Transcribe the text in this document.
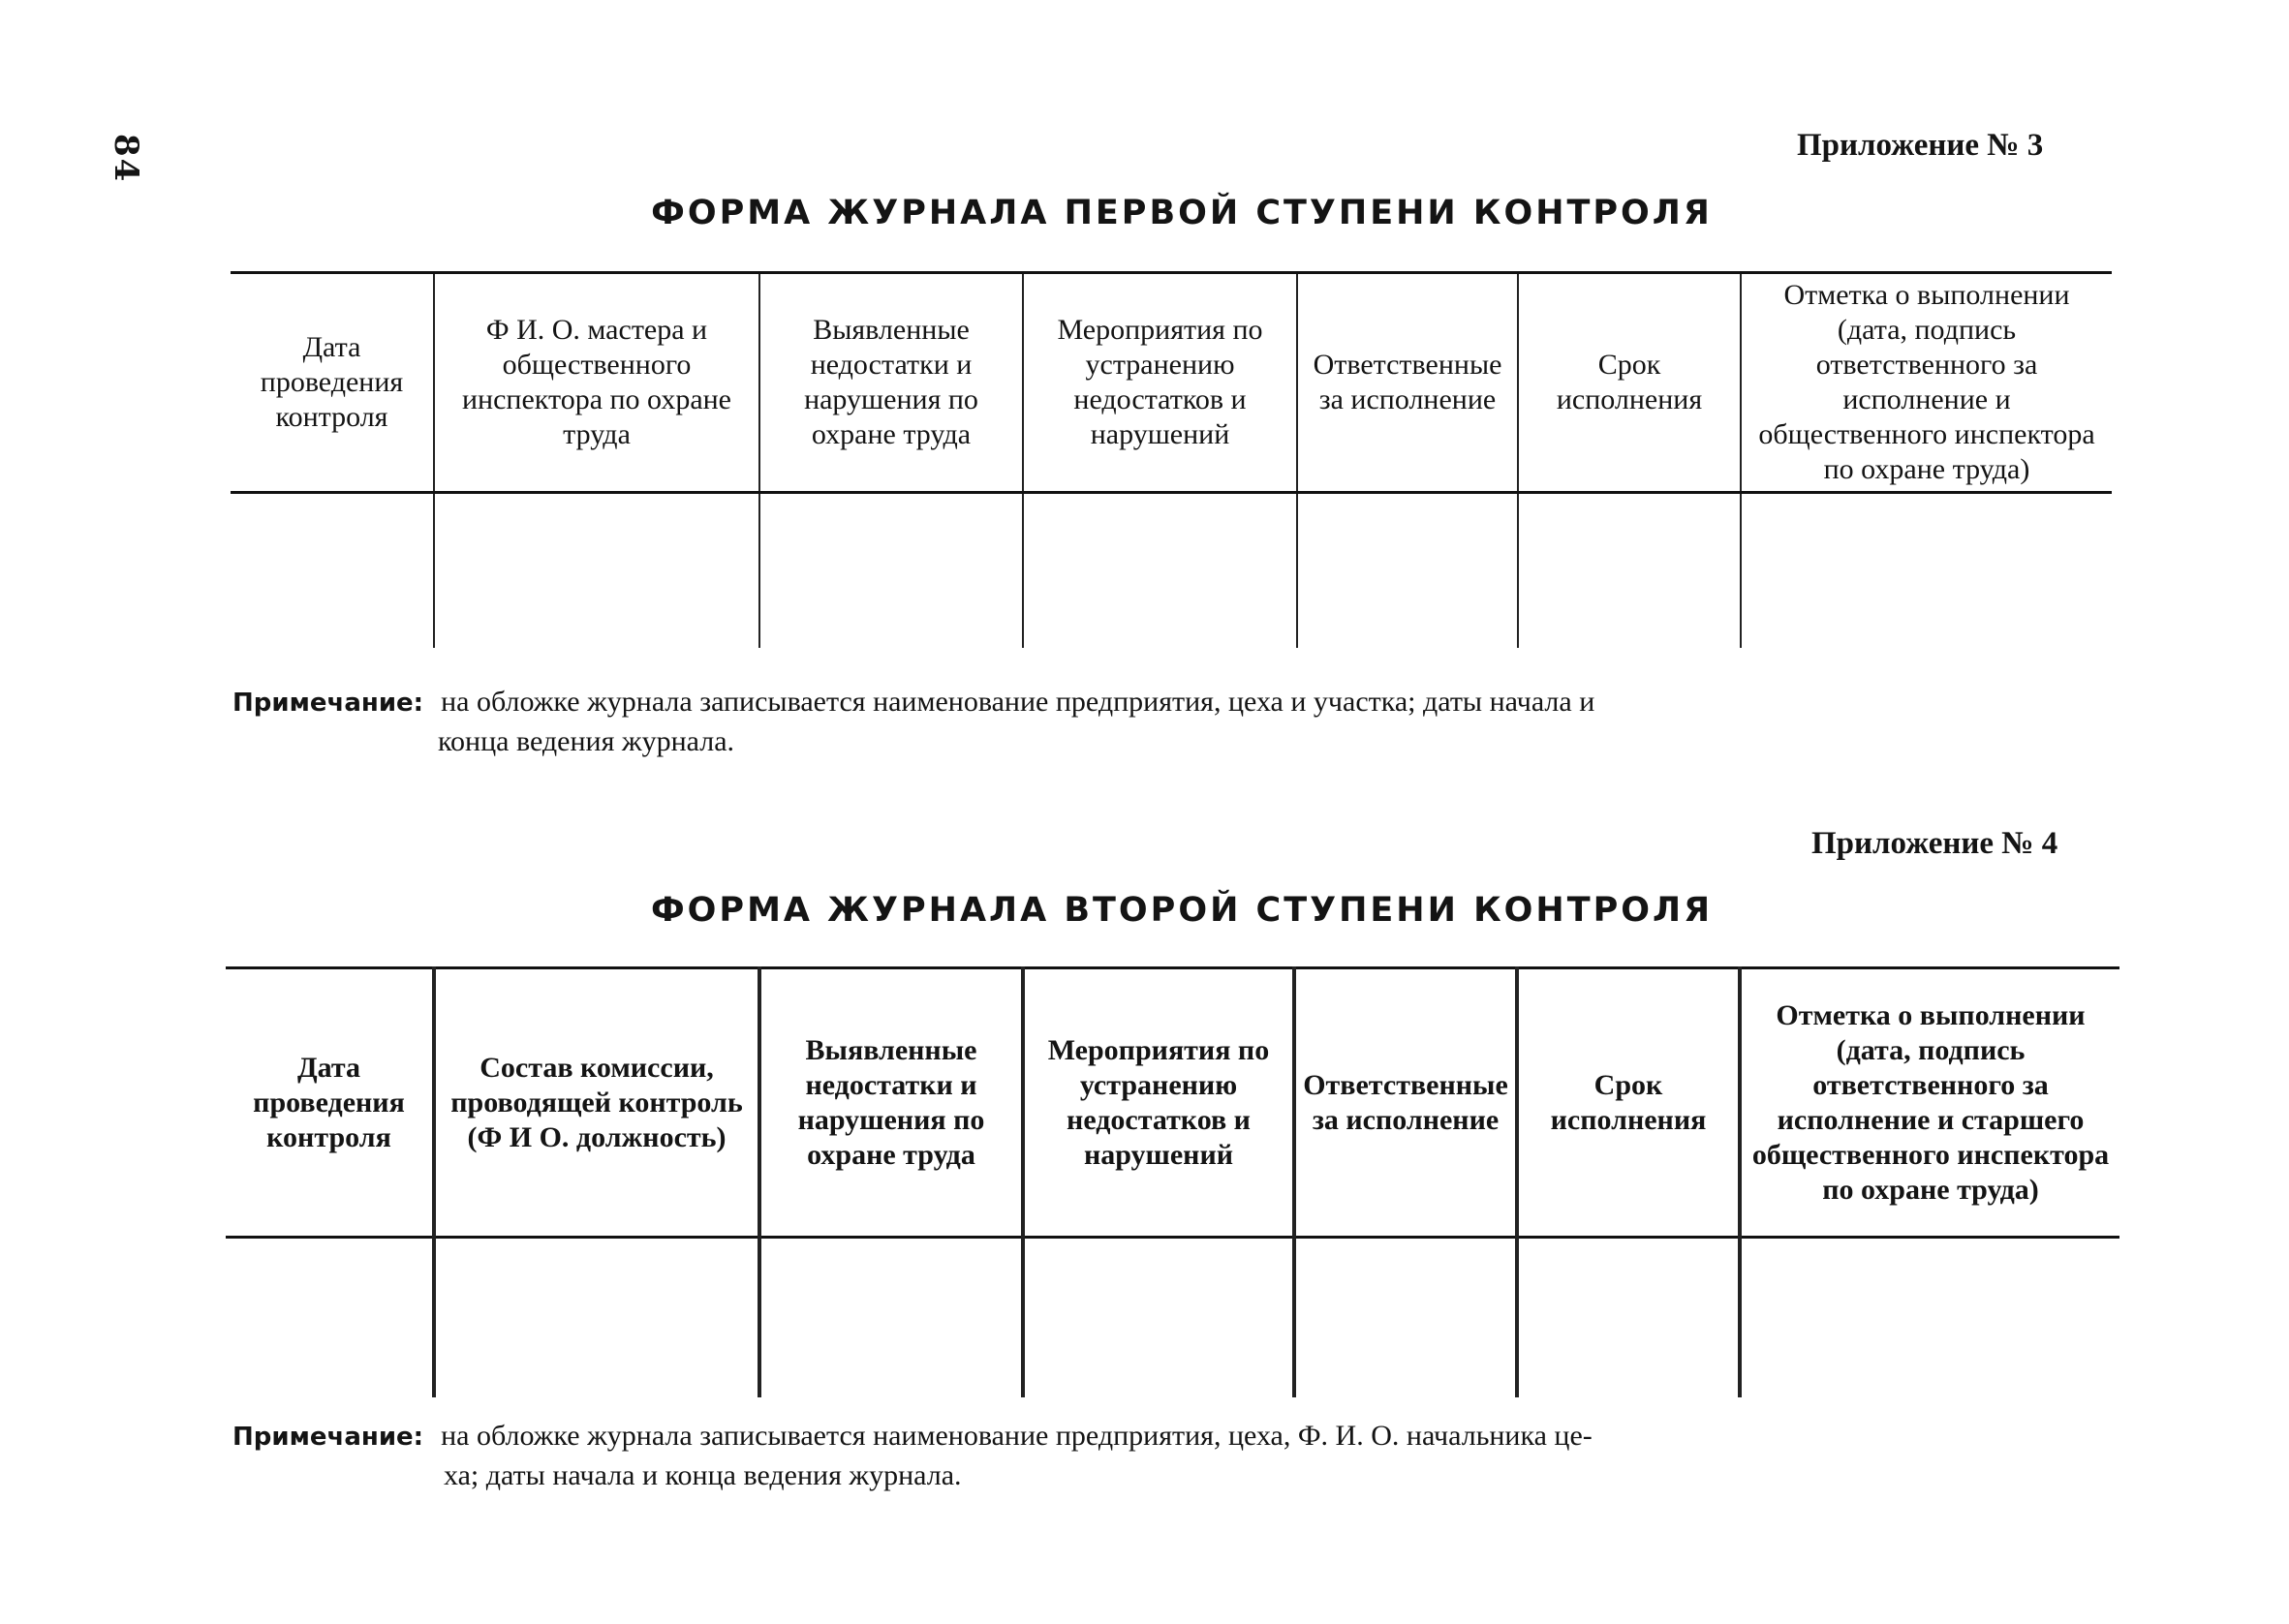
84	Приложение № 3
ФОРМА ЖУРНАЛА ПЕРВОЙ СТУПЕНИ КОНТРОЛЯ
Дата проведения контроля	Ф И. О. мастера и общественного инспектора по охране труда	Выявленные недостатки и нарушения по охране труда	Мероприятия по устранению недостатков и нарушений	Ответственные за исполнение	Срок исполнения	Отметка о выполнении (дата, подпись ответственного за исполнение и общественного инспектора по охране труда)

Примечание: на обложке журнала записывается наименование предприятия, цеха и участка; даты начала и
конца ведения журнала.
Приложение № 4
ФОРМА ЖУРНАЛА ВТОРОЙ СТУПЕНИ КОНТРОЛЯ
Дата проведения контроля	Состав комиссии, проводящей контроль (Ф И О. должность)	Выявленные недостатки и нарушения по охране труда	Мероприятия по устранению недостатков и нарушений	Ответственные за исполнение	Срок исполнения	Отметка о выполнении (дата, подпись ответственного за исполнение и старшего общественного инспектора по охране труда)

Примечание: на обложке журнала записывается наименование предприятия, цеха, Ф. И. О. начальника це-
ха; даты начала и конца ведения журнала.
